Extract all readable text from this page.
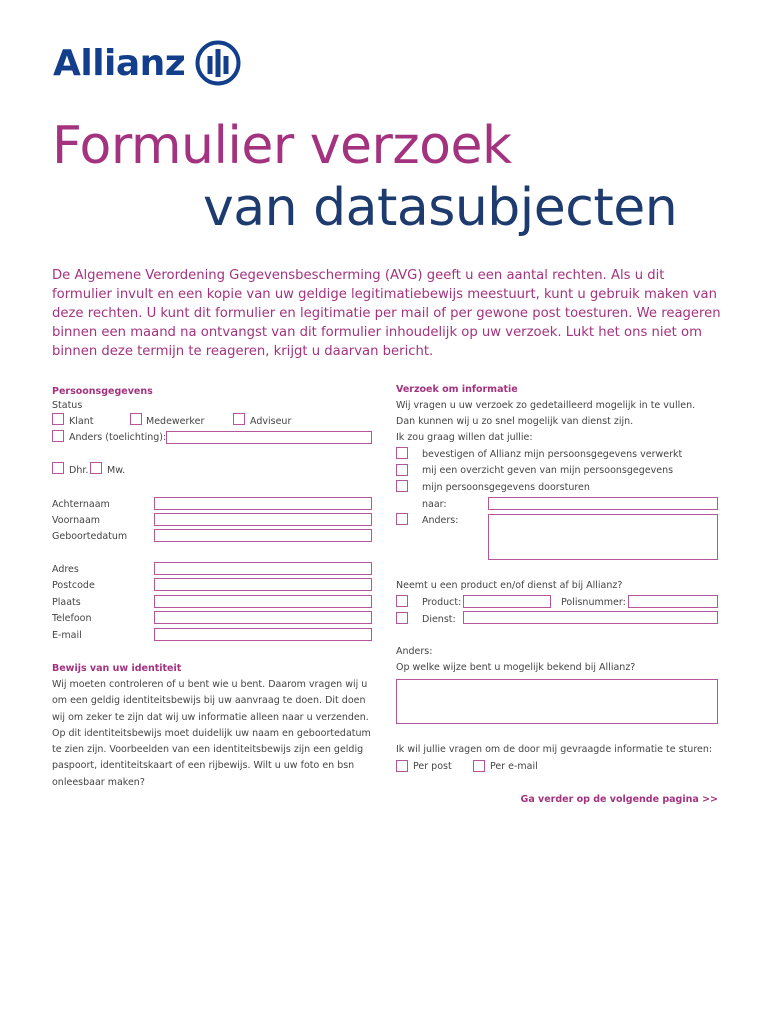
Allianz
Formulier verzoek
van datasubjecten
De Algemene Verordening Gegevensbescherming (AVG) geeft u een aantal rechten. Als u dit formulier invult en een kopie van uw geldige legitimatiebewijs meestuurt, kunt u gebruik maken van deze rechten. U kunt dit formulier en legitimatie per mail of per gewone post toesturen. We reageren binnen een maand na ontvangst van dit formulier inhoudelijk op uw verzoek. Lukt het ons niet om binnen deze termijn te reageren, krijgt u daarvan bericht.
Persoonsgegevens
Status
Klant	Medewerker	Adviseur
Anders (toelichting):
Dhr. Mw.
Achternaam
Voornaam
Geboortedatum
Adres
Postcode
Plaats
Telefoon
E-mail
Bewijs van uw identiteit
Wij moeten controleren of u bent wie u bent. Daarom vragen wij u
om een geldig identiteitsbewijs bij uw aanvraag te doen. Dit doen
wij om zeker te zijn dat wij uw informatie alleen naar u verzenden.
Op dit identiteitsbewijs moet duidelijk uw naam en geboortedatum
te zien zijn. Voorbeelden van een identiteitsbewijs zijn een geldig
paspoort, identiteitskaart of een rijbewijs. Wilt u uw foto en bsn
onleesbaar maken?
Verzoek om informatie
Wij vragen u uw verzoek zo gedetailleerd mogelijk in te vullen.
Dan kunnen wij u zo snel mogelijk van dienst zijn.
Ik zou graag willen dat jullie:
bevestigen of Allianz mijn persoonsgegevens verwerkt
mij een overzicht geven van mijn persoonsgegevens
mijn persoonsgegevens doorsturen
naar:
Anders:
Neemt u een product en/of dienst af bij Allianz?
Product:	Polisnummer:
Dienst:
Anders:
Op welke wijze bent u mogelijk bekend bij Allianz?
Ik wil jullie vragen om de door mij gevraagde informatie te sturen:
Per post	Per e-mail
Ga verder op de volgende pagina >>
